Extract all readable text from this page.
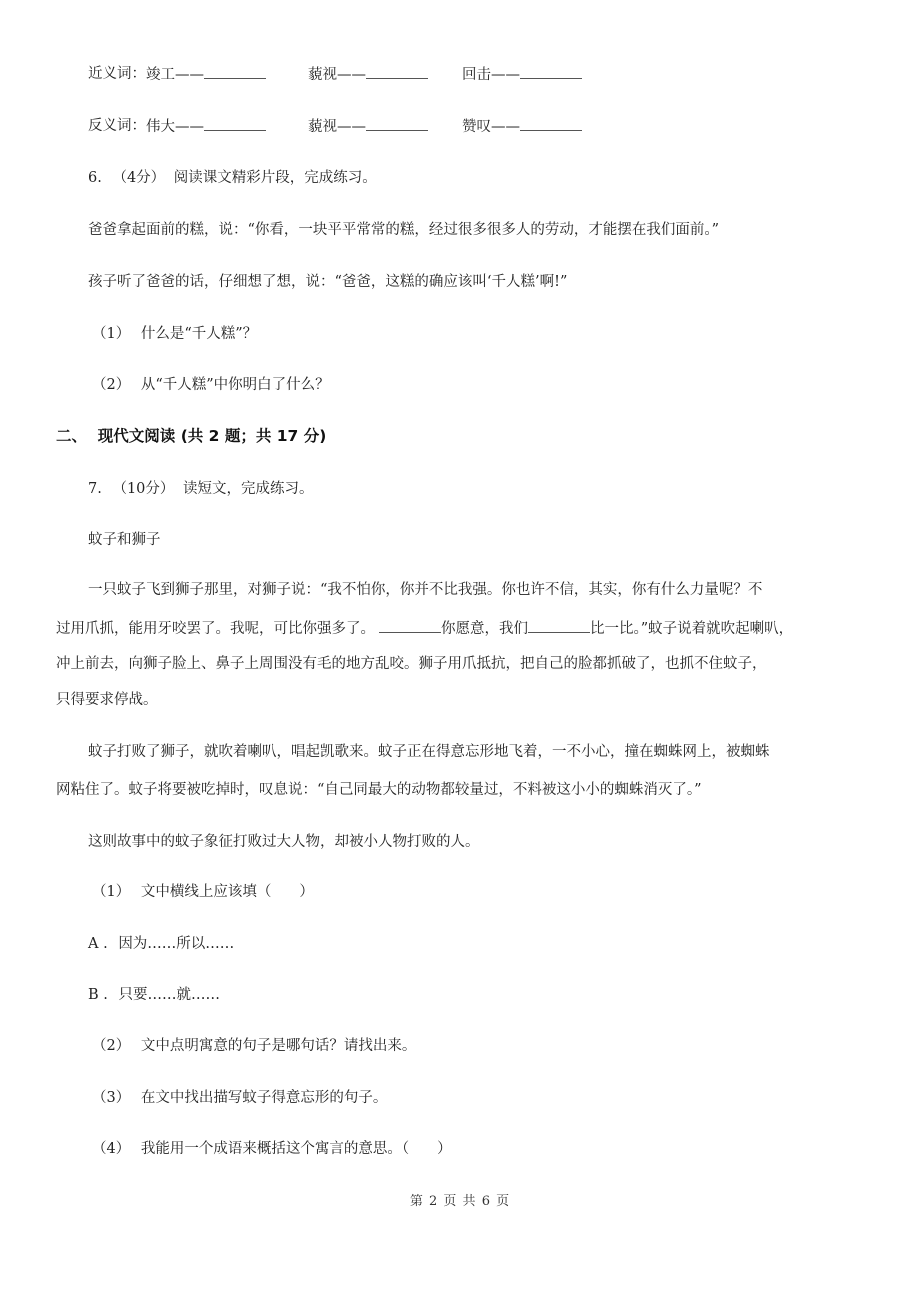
近义词： 竣工——	藐视——	回击——
反义词： 伟大——	藐视——	赞叹——
6. （4分） 阅读课文精彩片段，完成练习。
爸爸拿起面前的糕，说：“你看，一块平平常常的糕，经过很多很多人的劳动，才能摆在我们面前。”
孩子听了爸爸的话，仔细想了想，说：“爸爸，这糕的确应该叫‘千人糕’啊!”
（1） 什么是“千人糕”？
（2） 从“千人糕”中你明白了什么？
二、  现代文阅读 (共 2 题；共 17 分)
7. （10分） 读短文，完成练习。
蚊子和狮子
一只蚊子飞到狮子那里，对狮子说：“我不怕你，你并不比我强。你也许不信，其实，你有什么力量呢？不
过用爪抓，能用牙咬罢了。我呢，可比你强多了。	你愿意，我们	比一比。”蚊子说着就吹起喇叭，
冲上前去，向狮子脸上、鼻子上周围没有毛的地方乱咬。狮子用爪抵抗，把自己的脸都抓破了，也抓不住蚊子，
只得要求停战。
蚊子打败了狮子，就吹着喇叭，唱起凯歌来。蚊子正在得意忘形地飞着，一不小心，撞在蜘蛛网上，被蜘蛛
网粘住了。蚊子将要被吃掉时，叹息说：“自己同最大的动物都较量过，不料被这小小的蜘蛛消灭了。”
这则故事中的蚊子象征打败过大人物，却被小人物打败的人。
（1） 文中横线上应该填（ ）
A . 因为……所以……
B . 只要……就……
（2） 文中点明寓意的句子是哪句话？请找出来。
（3） 在文中找出描写蚊子得意忘形的句子。
（4） 我能用一个成语来概括这个寓言的意思。（ ）
第 2 页 共 6 页
